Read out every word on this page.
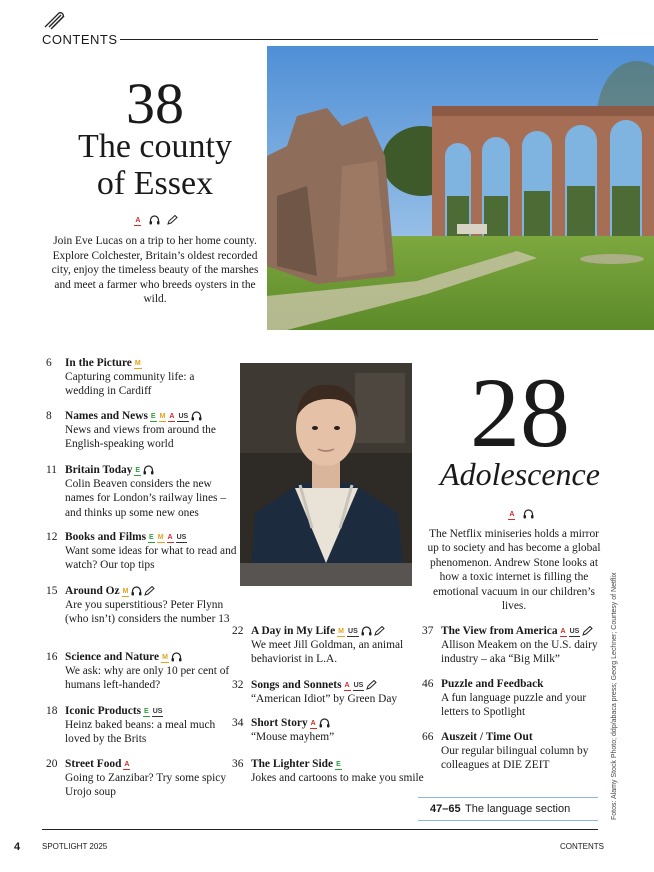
CONTENTS
38
The county
of Essex
A
Join Eve Lucas on a trip to her home county. Explore Colchester, Britain’s oldest recorded city, enjoy the timeless beauty of the marshes and meet a farmer who breeds oysters in the wild.
28
Adolescence
A
The Netflix miniseries holds a mirror up to society and has become a global phenomenon. Andrew Stone looks at how a toxic internet is filling the emotional vacuum in our children’s lives.
6	In the Picture M
Capturing community life: a wedding in Cardiff
8	Names and News E M A US
News and views from around the English-speaking world
11 Britain Today E
Colin Beaven considers the new names for London’s railway lines – and thinks up some new ones
12 Books and Films E M A US
Want some ideas for what to read and watch? Our top tips
15 Around Oz M
Are you superstitious? Peter Flynn (who isn’t) considers the number 13
16 Science and Nature M
We ask: why are only 10 per cent of humans left-handed?
18 Iconic Products E US
Heinz baked beans: a meal much loved by the Brits
20 Street Food A
Going to Zanzibar? Try some spicy Urojo soup
22 A Day in My Life M US
We meet Jill Goldman, an animal behaviorist in L.A.
32 Songs and Sonnets A US
“American Idiot” by Green Day
34 Short Story A
“Mouse mayhem”
36 The Lighter Side E
Jokes and cartoons to make you smile
37 The View from America A US
Allison Meakem on the U.S. dairy industry – aka “Big Milk”
46 Puzzle and Feedback
A fun language puzzle and your letters to Spotlight
66 Auszeit / Time Out
Our regular bilingual column by colleagues at DIE ZEIT
47–65 The language section	Fotos: Alamy Stock Photo; ddp/abaca press; Georg Lechner; Courtesy of Netflix
4	SPOTLIGHT 2025	CONTENTS
